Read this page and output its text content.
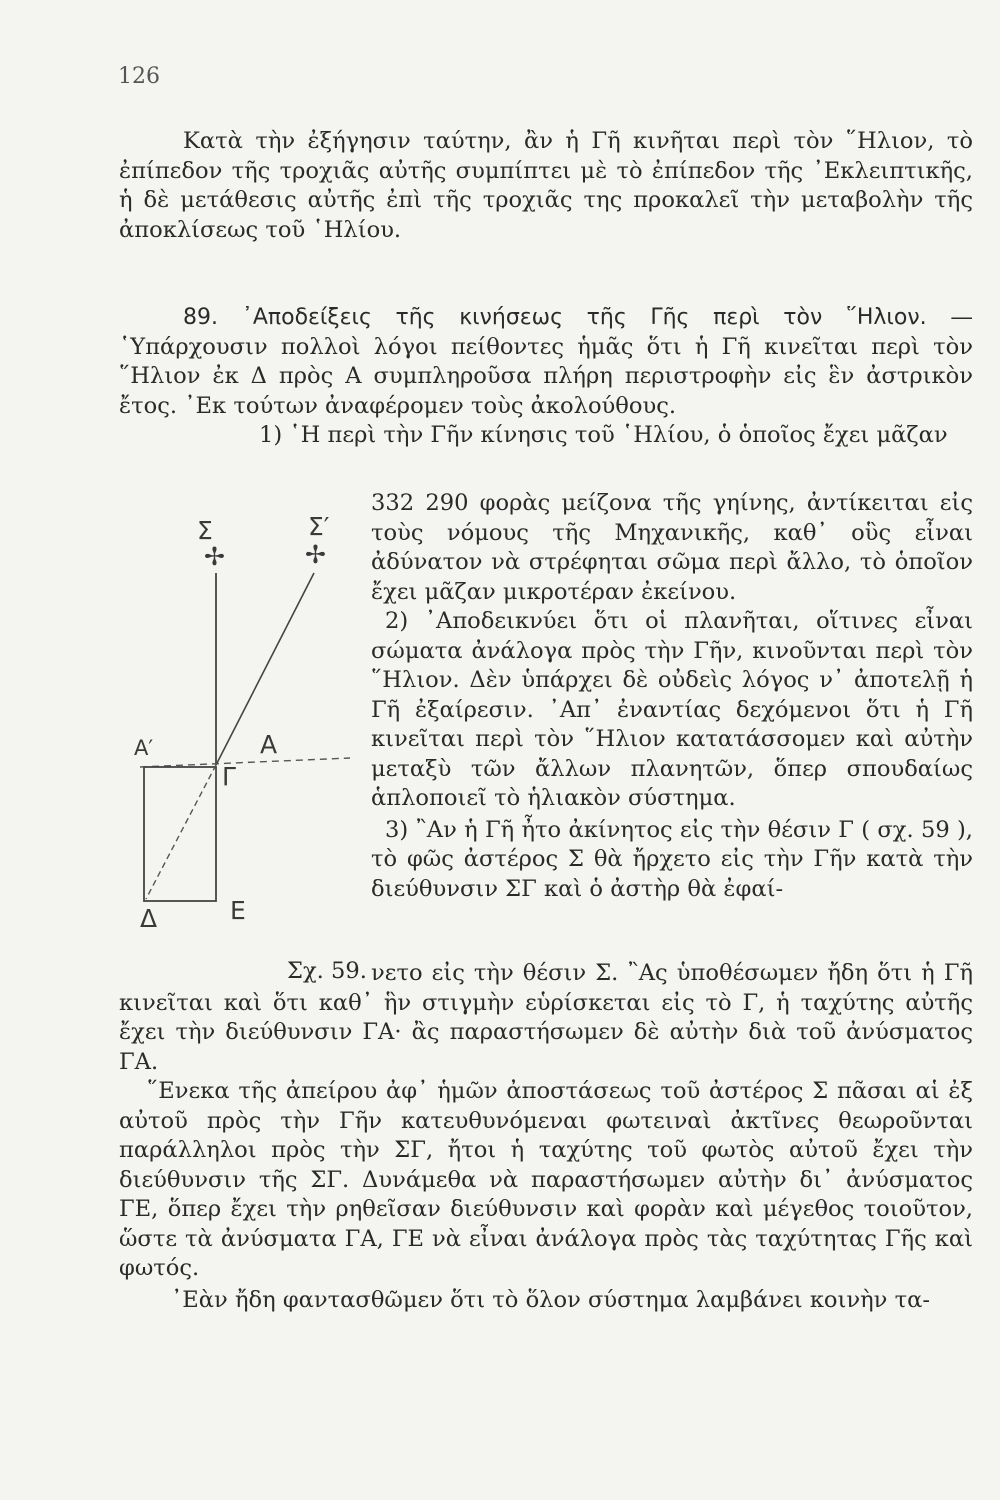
126

Κατὰ τὴν ἐξήγησιν ταύτην, ἂν ἡ Γῆ κινῆται περὶ τὸν ῞Ηλιον, τὸ ἐπίπεδον τῆς τροχιᾶς αὐτῆς συμπίπτει μὲ τὸ ἐπίπεδον τῆς ᾿Εκλειπτικῆς, ἡ δὲ μετάθεσις αὐτῆς ἐπὶ τῆς τροχιᾶς της προκαλεῖ τὴν μεταβολὴν τῆς ἀποκλίσεως τοῦ ῾Ηλίου.

89. ᾿Αποδείξεις τῆς κινήσεως τῆς Γῆς περὶ τὸν ῞Ηλιον. — ῾Υπάρχουσιν πολλοὶ λόγοι πείθοντες ἡμᾶς ὅτι ἡ Γῆ κινεῖται περὶ τὸν ῞Ηλιον ἐκ Δ πρὸς Α συμπληροῦσα πλήρη περιστροφὴν εἰς ἓν ἀστρικὸν ἔτος. ᾿Εκ τούτων ἀναφέρομεν τοὺς ἀκολούθους.

1) ῾Η περὶ τὴν Γῆν κίνησις τοῦ ῾Ηλίου, ὁ ὁποῖος ἔχει μᾶζαν

332 290 φορὰς μείζονα τῆς γηίνης, ἀντίκειται εἰς τοὺς νόμους τῆς Μηχανικῆς, καθ᾿ οὓς εἶναι ἀδύνατον νὰ στρέφηται σῶμα περὶ ἄλλο, τὸ ὁποῖον ἔχει μᾶζαν μικροτέραν ἐκείνου.

2) ᾿Αποδεικνύει ὅτι οἱ πλανῆται, οἵτινες εἶναι σώματα ἀνάλογα πρὸς τὴν Γῆν, κινοῦνται περὶ τὸν ῞Ηλιον. Δὲν ὑπάρχει δὲ οὐδεὶς λόγος ν᾿ ἀποτελῇ ἡ Γῆ ἐξαίρεσιν. ᾿Απ᾿ ἐναντίας δεχόμενοι ὅτι ἡ Γῆ κινεῖται περὶ τὸν ῞Ηλιον κατατάσσομεν καὶ αὐτὴν μεταξὺ τῶν ἄλλων πλανητῶν, ὅπερ σπουδαίως ἁπλοποιεῖ τὸ ἡλιακὸν σύστημα.

3) ῍Αν ἡ Γῆ ἦτο ἀκίνητος εἰς τὴν θέσιν Γ ( σχ. 59 ), τὸ φῶς ἀστέρος Σ θὰ ἤρχετο εἰς τὴν Γῆν κατὰ τὴν διεύθυνσιν ΣΓ καὶ ὁ ἀστὴρ θὰ ἐφαί-

Σ
✢
Σ′
✢
Α′	Α
Γ
Δ	Ε
Σχ. 59. νετο εἰς τὴν θέσιν Σ. ῍Ας ὑποθέσωμεν ἤδη ὅτι ἡ Γῆ κινεῖται καὶ ὅτι καθ᾿ ἣν στιγμὴν εὑρίσκεται εἰς τὸ Γ, ἡ ταχύτης αὐτῆς ἔχει τὴν διεύθυνσιν ΓΑ· ἂς παραστήσωμεν δὲ αὐτὴν διὰ τοῦ ἀνύσματος ΓΑ.

῞Ενεκα τῆς ἀπείρου ἀφ᾿ ἡμῶν ἀποστάσεως τοῦ ἀστέρος Σ πᾶσαι αἱ ἐξ αὐτοῦ πρὸς τὴν Γῆν κατευθυνόμεναι φωτειναὶ ἀκτῖνες θεωροῦνται παράλληλοι πρὸς τὴν ΣΓ, ἤτοι ἡ ταχύτης τοῦ φωτὸς αὐτοῦ ἔχει τὴν διεύθυνσιν τῆς ΣΓ. Δυνάμεθα νὰ παραστήσωμεν αὐτὴν δι᾿ ἀνύσματος ΓΕ, ὅπερ ἔχει τὴν ρηθεῖσαν διεύθυνσιν καὶ φορὰν καὶ μέγεθος τοιοῦτον, ὥστε τὰ ἀνύσματα ΓΑ, ΓΕ νὰ εἶναι ἀνάλογα πρὸς τὰς ταχύτητας Γῆς καὶ φωτός.

᾿Εὰν ἤδη φαντασθῶμεν ὅτι τὸ ὅλον σύστημα λαμβάνει κοινὴν τα-
